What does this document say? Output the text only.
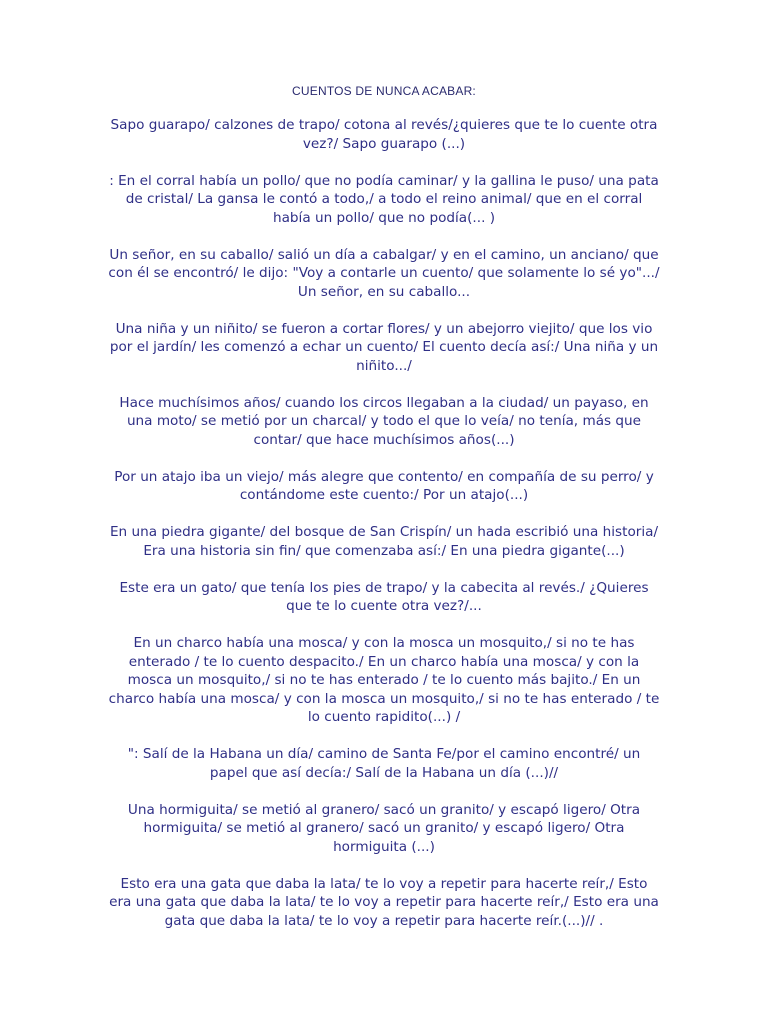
CUENTOS DE NUNCA ACABAR:

Sapo guarapo/ calzones de trapo/ cotona al revés/¿quieres que te lo cuente otra vez?/ Sapo guarapo (...)

: En el corral había un pollo/ que no podía caminar/ y la gallina le puso/ una pata de cristal/ La gansa le contó a todo,/ a todo el reino animal/ que en el corral había un pollo/ que no podía(... )

Un señor, en su caballo/ salió un día a cabalgar/ y en el camino, un anciano/ que con él se encontró/ le dijo: "Voy a contarle un cuento/ que solamente lo sé yo".../ Un señor, en su caballo...

Una niña y un niñito/ se fueron a cortar flores/ y un abejorro viejito/ que los vio por el jardín/ les comenzó a echar un cuento/ El cuento decía así:/ Una niña y un niñito.../

Hace muchísimos años/ cuando los circos llegaban a la ciudad/ un payaso, en una moto/ se metió por un charcal/ y todo el que lo veía/ no tenía, más que contar/ que hace muchísimos años(...)

Por un atajo iba un viejo/ más alegre que contento/ en compañía de su perro/ y contándome este cuento:/ Por un atajo(...)

En una piedra gigante/ del bosque de San Crispín/ un hada escribió una historia/ Era una historia sin fin/ que comenzaba así:/ En una piedra gigante(...)

Este era un gato/ que tenía los pies de trapo/ y la cabecita al revés./ ¿Quieres que te lo cuente otra vez?/...

En un charco había una mosca/ y con la mosca un mosquito,/ si no te has enterado / te lo cuento despacito./ En un charco había una mosca/ y con la mosca un mosquito,/ si no te has enterado / te lo cuento más bajito./ En un charco había una mosca/ y con la mosca un mosquito,/ si no te has enterado / te lo cuento rapidito(...) /

": Salí de la Habana un día/ camino de Santa Fe/por el camino encontré/ un papel que así decía:/ Salí de la Habana un día (...)//

Una hormiguita/ se metió al granero/ sacó un granito/ y escapó ligero/ Otra hormiguita/ se metió al granero/ sacó un granito/ y escapó ligero/ Otra hormiguita (...)

Esto era una gata que daba la lata/ te lo voy a repetir para hacerte reír,/ Esto era una gata que daba la lata/ te lo voy a repetir para hacerte reír,/ Esto era una gata que daba la lata/ te lo voy a repetir para hacerte reír.(...)// .
